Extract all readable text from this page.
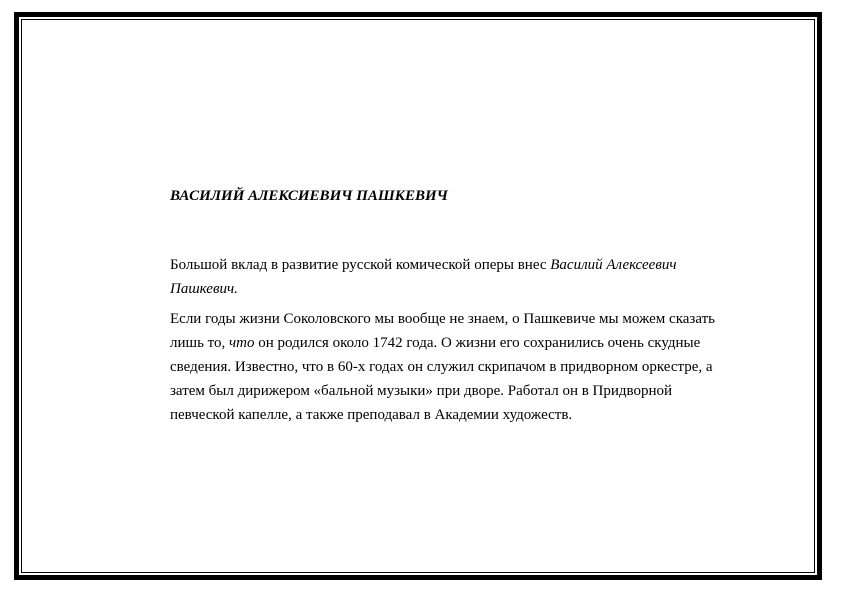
ВАСИЛИЙ АЛЕКСИЕВИЧ ПАШКЕВИЧ

Большой вклад в развитие русской комической оперы внес Василий Алексеевич Пашкевич.

Если годы жизни Соколовского мы вообще не знаем, о Пашкевиче мы можем сказать лишь то, что он родился около 1742 года. О жизни его сохранились очень скудные сведения. Известно, что в 60-х годах он служил скрипачом в придворном оркестре, а затем был дирижером «бальной музыки» при дворе. Работал он в Придворной певческой капелле, а также преподавал в Академии художеств.
